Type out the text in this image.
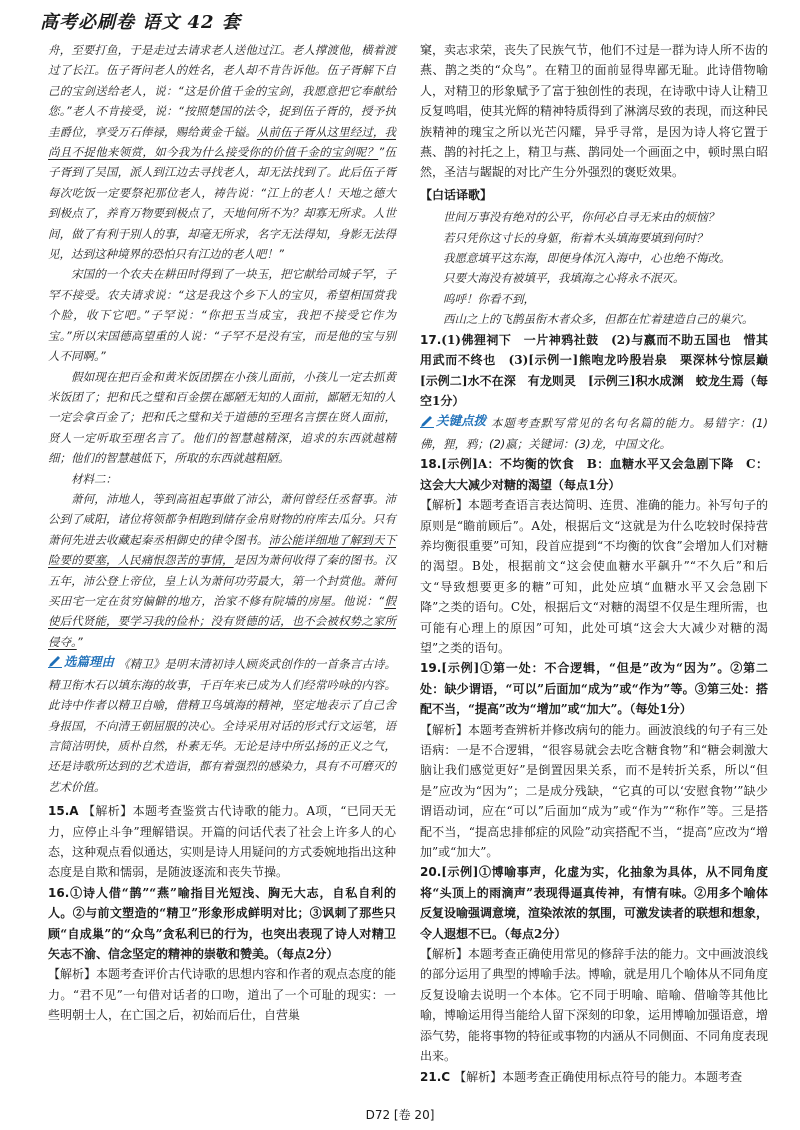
高考必刷卷 语文 42 套

舟，至要打鱼，于是走过去请求老人送他过江。老人撑渡他，横着渡过了长江。伍子胥问老人的姓名，老人却不肯告诉他。伍子胥解下自己的宝剑送给老人，说：“这是价值千金的宝剑，我愿意把它奉献给您。”老人不肯接受，说：“按照楚国的法令，捉到伍子胥的，授予执圭爵位，享受万石俸禄，赐给黄金千镒。从前伍子胥从这里经过，我尚且不捉他来领赏，如今我为什么接受你的价值千金的宝剑呢？”伍子胥到了吴国，派人到江边去寻找老人，却无法找到了。此后伍子胥每次吃饭一定要祭祀那位老人，祷告说：“江上的老人！天地之德大到极点了，养育万物要到极点了，天地何所不为？却寡无所求。人世间，做了有利于别人的事，却毫无所求，名字无法得知，身影无法得见，达到这种境界的恐怕只有江边的老人吧！”

宋国的一个农夫在耕田时得到了一块玉，把它献给司城子罕，子罕不接受。农夫请求说：“这是我这个乡下人的宝贝，希望相国赏我个脸，收下它吧。”子罕说：“你把玉当成宝，我把不接受它作为宝。”所以宋国德高望重的人说：“子罕不是没有宝，而是他的宝与别人不同啊。”

假如现在把百金和黄米饭团摆在小孩儿面前，小孩儿一定去抓黄米饭团了；把和氏之璧和百金摆在鄙陋无知的人面前，鄙陋无知的人一定会拿百金了；把和氏之璧和关于道德的至理名言摆在贤人面前，贤人一定听取至理名言了。他们的智慧越精深，追求的东西就越精细；他们的智慧越低下，所取的东西就越粗陋。

材料二：

萧何，沛地人，等到高祖起事做了沛公，萧何曾经任丞督事。沛公到了咸阳，诸位将领都争相跑到储存金帛财物的府库去瓜分。只有萧何先进去收藏起秦丞相御史的律令图书。沛公能详细地了解到天下险要的要塞，人民痛恨怨苦的事情，是因为萧何收得了秦的图书。汉五年，沛公登上帝位，皇上认为萧何功劳最大，第一个封赏他。萧何买田宅一定在贫穷偏僻的地方，治家不修有院墙的房屋。他说：“假使后代贤能，要学习我的俭朴；没有贤德的话，也不会被权势之家所侵夺。”

选篇理由 《精卫》是明末清初诗人顾炎武创作的一首条言古诗。精卫衔木石以填东海的故事，千百年来已成为人们经常吟咏的内容。此诗中作者以精卫自喻，借精卫鸟填海的精神，坚定地表示了自己舍身报国，不向清王朝屈服的决心。全诗采用对话的形式行文运笔，语言简洁明快，质朴自然，朴素无华。无论是诗中所弘扬的正义之气，还是诗歌所达到的艺术造诣，都有着强烈的感染力，具有不可磨灭的艺术价值。

15.A 【解析】本题考查鉴赏古代诗歌的能力。A项，“已同天无力，应停止斗争”理解错误。开篇的问话代表了社会上许多人的心态，这种观点看似通达，实则是诗人用疑问的方式委婉地指出这种态度是自欺和懦弱，是随波逐流和丧失节操。

16.①诗人借“鹊”“燕”喻指目光短浅、胸无大志，自私自利的人。②与前文塑造的“精卫”形象形成鲜明对比；③讽刺了那些只顾“自成巢”的“众鸟”贪私利已的行为，也突出表现了诗人对精卫矢志不渝、信念坚定的精神的崇敬和赞美。（每点2分）

【解析】本题考查评价古代诗歌的思想内容和作者的观点态度的能力。“君不见”一句借对话者的口吻，道出了一个可耻的现实：一些明朝士人，在亡国之后，初始而后仕，自营巢

窠，卖志求荣，丧失了民族气节，他们不过是一群为诗人所不齿的燕、鹊之类的“众鸟”。在精卫的面前显得卑鄙无耻。此诗借物喻人，对精卫的形象赋予了富于独创性的表现，在诗歌中诗人让精卫反复鸣唱，使其光辉的精神特质得到了淋漓尽致的表现，而这种民族精神的瑰宝之所以光芒闪耀，异乎寻常，是因为诗人将它置于燕、鹊的衬托之上，精卫与燕、鹊同处一个画面之中，顿时黑白昭然，圣洁与龌龊的对比产生分外强烈的褒贬效果。

【白话译歌】

世间万事没有绝对的公平，你何必自寻无来由的烦恼？
若只凭你这寸长的身躯，衔着木头填海要填到何时？
我愿意填平这东海，即便身体沉入海中，心也绝不悔改。
只要大海没有被填平，我填海之心将永不泯灭。
呜呼！你看不到，
西山之上的飞鹊虽衔木者众多，但都在忙着建造自己的巢穴。

17.(1)佛狸祠下　一片神鸦社鼓　(2)与嬴而不助五国也　惜其用武而不终也　(3)[示例一]熊咆龙吟殷岩泉　栗深林兮惊层巅　[示例二]水不在深　有龙则灵　[示例三]积水成渊　蛟龙生焉（每空1分）

关键点拨 本题考查默写常见的名句名篇的能力。易错字：(1)佛，狸，鸦；(2)嬴；关键词：(3)龙，中国文化。

18.[示例]A：不均衡的饮食　B：血糖水平又会急剧下降　C：这会大大减少对糖的渴望（每点1分）

【解析】本题考查语言表达简明、连贯、准确的能力。补写句子的原则是“瞻前顾后”。A处，根据后文“这就是为什么吃较时保持营养均衡很重要”可知，段首应提到“不均衡的饮食”会增加人们对糖的渴望。B处，根据前文“这会使血糖水平飙升”“不久后”和后文“导致想要更多的糖”可知，此处应填“血糖水平又会急剧下降”之类的语句。C处，根据后文“对糖的渴望不仅是生理所需，也可能有心理上的原因”可知，此处可填“这会大大减少对糖的渴望”之类的语句。

19.[示例]①第一处：不合逻辑，“但是”改为“因为”。②第二处：缺少谓语，“可以”后面加“成为”或“作为”等。③第三处：搭配不当，“提高”改为“增加”或“加大”。（每处1分）

【解析】本题考查辨析并修改病句的能力。画波浪线的句子有三处语病：一是不合逻辑，“很容易就会去吃含糖食物”和“糖会刺激大脑让我们感觉更好”是倒置因果关系，而不是转折关系，所以“但是”应改为“因为”；二是成分残缺，“它真的可以‘安慰食物’”缺少谓语动词，应在“可以”后面加“成为”或“作为”“称作”等。三是搭配不当，“提高忠排郁症的风险”动宾搭配不当，“提高”应改为“增加”或“加大”。

20.[示例]①博喻事声，化虚为实，化抽象为具体，从不同角度将“头顶上的雨滴声”表现得逼真传神，有情有味。②用多个喻体反复设喻强调意境，渲染浓浓的氛围，可激发读者的联想和想象，令人遐想不已。（每点2分）

【解析】本题考查正确使用常见的修辞手法的能力。文中画波浪线的部分运用了典型的博喻手法。博喻，就是用几个喻体从不同角度反复设喻去说明一个本体。它不同于明喻、暗喻、借喻等其他比喻，博喻运用得当能给人留下深刻的印象，运用博喻加强语意，增添气势，能将事物的特征或事物的内涵从不同侧面、不同角度表现出来。

21.C 【解析】本题考查正确使用标点符号的能力。本题考查

D72 [卷 20]
